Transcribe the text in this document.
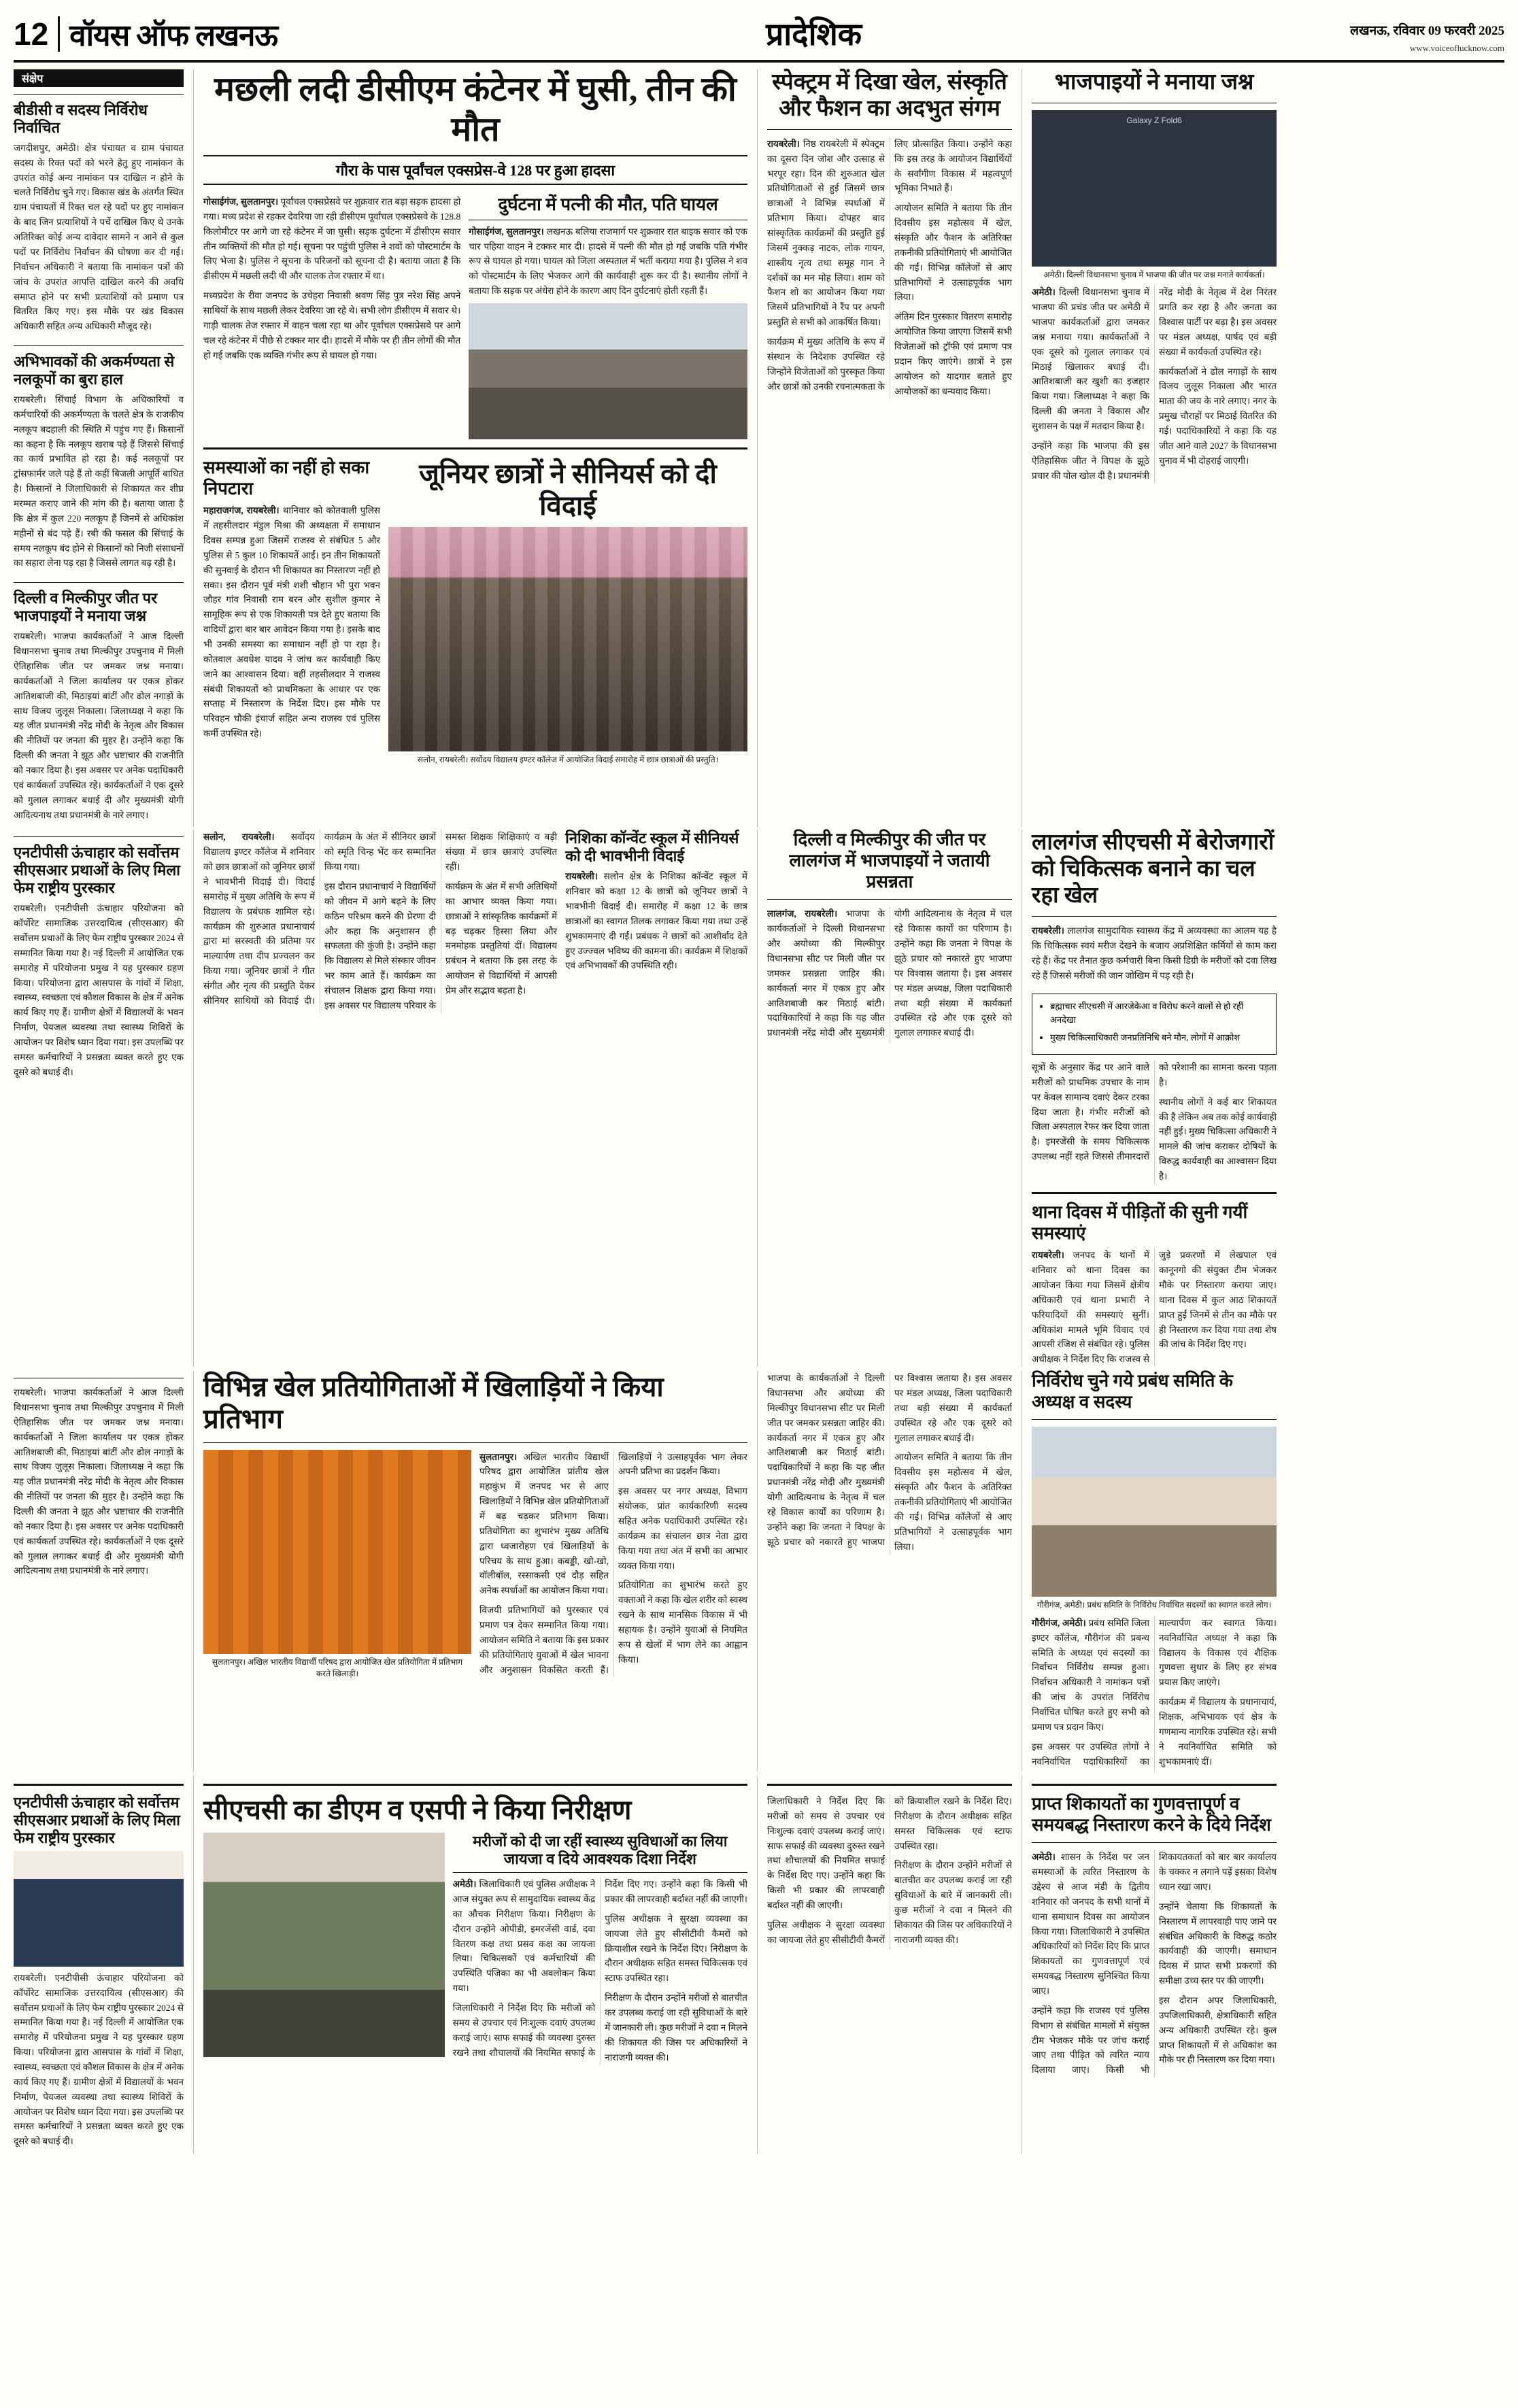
12 वॉयस ऑफ लखनऊ	प्रादेशिक	लखनऊ, रविवार 09 फरवरी 2025
www.voiceoflucknow.com
संक्षेप
बीडीसी व सदस्य निर्विरोध निर्वाचित

जगदीशपुर, अमेठी। क्षेत्र पंचायत व ग्राम पंचायत सदस्य के रिक्त पदों को भरने हेतु हुए नामांकन के उपरांत कोई अन्य नामांकन पत्र दाखिल न होने के चलते निर्विरोध चुने गए। विकास खंड के अंतर्गत स्थित ग्राम पंचायतों में रिक्त चल रहे पदों पर हुए नामांकन के बाद जिन प्रत्याशियों ने पर्चे दाखिल किए थे उनके अतिरिक्त कोई अन्य दावेदार सामने न आने से कुल पदों पर निर्विरोध निर्वाचन की घोषणा कर दी गई। निर्वाचन अधिकारी ने बताया कि नामांकन पत्रों की जांच के उपरांत आपत्ति दाखिल करने की अवधि समाप्त होने पर सभी प्रत्याशियों को प्रमाण पत्र वितरित किए गए। इस मौके पर खंड विकास अधिकारी सहित अन्य अधिकारी मौजूद रहे।

अभिभावकों की अकर्मण्यता से नलकूपों का बुरा हाल

रायबरेली। सिंचाई विभाग के अधिकारियों व कर्मचारियों की अकर्मण्यता के चलते क्षेत्र के राजकीय नलकूप बदहाली की स्थिति में पहुंच गए हैं। किसानों का कहना है कि नलकूप खराब पड़े हैं जिससे सिंचाई का कार्य प्रभावित हो रहा है। कई नलकूपों पर ट्रांसफार्मर जले पड़े हैं तो कहीं बिजली आपूर्ति बाधित है। किसानों ने जिलाधिकारी से शिकायत कर शीघ्र मरम्मत कराए जाने की मांग की है। बताया जाता है कि क्षेत्र में कुल 220 नलकूप हैं जिनमें से अधिकांश महीनों से बंद पड़े हैं। रबी की फसल की सिंचाई के समय नलकूप बंद होने से किसानों को निजी संसाधनों का सहारा लेना पड़ रहा है जिससे लागत बढ़ रही है।

दिल्ली व मिल्कीपुर जीत पर भाजपाइयों ने मनाया जश्न

रायबरेली। भाजपा कार्यकर्ताओं ने आज दिल्ली विधानसभा चुनाव तथा मिल्कीपुर उपचुनाव में मिली ऐतिहासिक जीत पर जमकर जश्न मनाया। कार्यकर्ताओं ने जिला कार्यालय पर एकत्र होकर आतिशबाजी की, मिठाइयां बांटीं और ढोल नगाड़ों के साथ विजय जुलूस निकाला। जिलाध्यक्ष ने कहा कि यह जीत प्रधानमंत्री नरेंद्र मोदी के नेतृत्व और विकास की नीतियों पर जनता की मुहर है। उन्होंने कहा कि दिल्ली की जनता ने झूठ और भ्रष्टाचार की राजनीति को नकार दिया है। इस अवसर पर अनेक पदाधिकारी एवं कार्यकर्ता उपस्थित रहे। कार्यकर्ताओं ने एक दूसरे को गुलाल लगाकर बधाई दी और मुख्यमंत्री योगी आदित्यनाथ तथा प्रधानमंत्री के नारे लगाए।

मछली लदी डीसीएम कंटेनर में घुसी, तीन की मौत
गौरा के पास पूर्वांचल एक्सप्रेस-वे 128 पर हुआ हादसा

गोसाईगंज, सुलतानपुर। पूर्वांचल एक्सप्रेसवे पर शुक्रवार रात बड़ा सड़क हादसा हो गया। मध्य प्रदेश से रहकर देवरिया जा रही डीसीएम पूर्वांचल एक्सप्रेसवे के 128.8 किलोमीटर पर आगे जा रहे कंटेनर में जा घुसी। सड़क दुर्घटना में डीसीएम सवार तीन व्यक्तियों की मौत हो गई। सूचना पर पहुंची पुलिस ने शवों को पोस्टमार्टम के लिए भेजा है। पुलिस ने सूचना के परिजनों को सूचना दी है। बताया जाता है कि डीसीएम में मछली लदी थी और चालक तेज रफ्तार में था।

मध्यप्रदेश के रीवा जनपद के उचेहरा निवासी श्रवण सिंह पुत्र नरेश सिंह अपने साथियों के साथ मछली लेकर देवरिया जा रहे थे। सभी लोग डीसीएम में सवार थे। गाड़ी चालक तेज रफ्तार में वाहन चला रहा था और पूर्वांचल एक्सप्रेसवे पर आगे चल रहे कंटेनर में पीछे से टक्कर मार दी। हादसे में मौके पर ही तीन लोगों की मौत हो गई जबकि एक व्यक्ति गंभीर रूप से घायल हो गया।

दुर्घटना में पत्नी की मौत, पति घायल

गोसाईगंज, सुलतानपुर। लखनऊ बलिया राजमार्ग पर शुक्रवार रात बाइक सवार को एक चार पहिया वाहन ने टक्कर मार दी। हादसे में पत्नी की मौत हो गई जबकि पति गंभीर रूप से घायल हो गया। घायल को जिला अस्पताल में भर्ती कराया गया है। पुलिस ने शव को पोस्टमार्टम के लिए भेजकर आगे की कार्यवाही शुरू कर दी है। स्थानीय लोगों ने बताया कि सड़क पर अंधेरा होने के कारण आए दिन दुर्घटनाएं होती रहती हैं।

समस्याओं का नहीं हो सका निपटारा

महाराजगंज, रायबरेली। थानिवार को कोतवाली पुलिस में तहसीलदार मंडुल मिश्रा की अध्यक्षता में समाधान दिवस सम्पन्न हुआ जिसमें राजस्व से संबंधित 5 और पुलिस से 5 कुल 10 शिकायतें आईं। इन तीन शिकायतों की सुनवाई के दौरान भी शिकायत का निस्तारण नहीं हो सका। इस दौरान पूर्व मंत्री शशी चौहान भी पुरा भवन जौहर गांव निवासी राम बरन और सुशील कुमार ने सामूहिक रूप से एक शिकायती पत्र देते हुए बताया कि वादियों द्वारा बार बार आवेदन किया गया है। इसके बाद भी उनकी समस्या का समाधान नहीं हो पा रहा है। कोतवाल अवधेश यादव ने जांच कर कार्यवाही किए जाने का आश्वासन दिया। वहीं तहसीलदार ने राजस्व संबंधी शिकायतों को प्राथमिकता के आधार पर एक सप्ताह में निस्तारण के निर्देश दिए। इस मौके पर परिवहन चौकी इंचार्ज सहित अन्य राजस्व एवं पुलिस कर्मी उपस्थित रहे।

जूनियर छात्रों ने सीनियर्स को दी विदाई
सलोन, रायबरेली। सर्वोदय विद्यालय इण्टर कॉलेज में आयोजित विदाई समारोह में छात्र छात्राओं की प्रस्तुति।
स्पेक्ट्रम में दिखा खेल, संस्कृति और फैशन का अदभुत संगम

रायबरेली। निष्ठ रायबरेली में स्पेक्ट्रम का दूसरा दिन जोश और उत्साह से भरपूर रहा। दिन की शुरुआत खेल प्रतियोगिताओं से हुई जिसमें छात्र छात्राओं ने विभिन्न स्पर्धाओं में प्रतिभाग किया। दोपहर बाद सांस्कृतिक कार्यक्रमों की प्रस्तुति हुई जिसमें नुक्कड़ नाटक, लोक गायन, शास्त्रीय नृत्य तथा समूह गान ने दर्शकों का मन मोह लिया। शाम को फैशन शो का आयोजन किया गया जिसमें प्रतिभागियों ने रैंप पर अपनी प्रस्तुति से सभी को आकर्षित किया।

कार्यक्रम में मुख्य अतिथि के रूप में संस्थान के निदेशक उपस्थित रहे जिन्होंने विजेताओं को पुरस्कृत किया और छात्रों को उनकी रचनात्मकता के लिए प्रोत्साहित किया। उन्होंने कहा कि इस तरह के आयोजन विद्यार्थियों के सर्वांगीण विकास में महत्वपूर्ण भूमिका निभाते हैं।

आयोजन समिति ने बताया कि तीन दिवसीय इस महोत्सव में खेल, संस्कृति और फैशन के अतिरिक्त तकनीकी प्रतियोगिताएं भी आयोजित की गईं। विभिन्न कॉलेजों से आए प्रतिभागियों ने उत्साहपूर्वक भाग लिया।

अंतिम दिन पुरस्कार वितरण समारोह आयोजित किया जाएगा जिसमें सभी विजेताओं को ट्रॉफी एवं प्रमाण पत्र प्रदान किए जाएंगे। छात्रों ने इस आयोजन को यादगार बताते हुए आयोजकों का धन्यवाद किया।

भाजपाइयों ने मनाया जश्न
Galaxy Z Fold6
अमेठी। दिल्ली विधानसभा चुनाव में भाजपा की जीत पर जश्न मनाते कार्यकर्ता।

अमेठी। दिल्ली विधानसभा चुनाव में भाजपा की प्रचंड जीत पर अमेठी में भाजपा कार्यकर्ताओं द्वारा जमकर जश्न मनाया गया। कार्यकर्ताओं ने एक दूसरे को गुलाल लगाकर एवं मिठाई खिलाकर बधाई दी। आतिशबाजी कर खुशी का इजहार किया गया। जिलाध्यक्ष ने कहा कि दिल्ली की जनता ने विकास और सुशासन के पक्ष में मतदान किया है।

उन्होंने कहा कि भाजपा की इस ऐतिहासिक जीत ने विपक्ष के झूठे प्रचार की पोल खोल दी है। प्रधानमंत्री नरेंद्र मोदी के नेतृत्व में देश निरंतर प्रगति कर रहा है और जनता का विश्वास पार्टी पर बढ़ा है। इस अवसर पर मंडल अध्यक्ष, पार्षद एवं बड़ी संख्या में कार्यकर्ता उपस्थित रहे।

कार्यकर्ताओं ने ढोल नगाड़ों के साथ विजय जुलूस निकाला और भारत माता की जय के नारे लगाए। नगर के प्रमुख चौराहों पर मिठाई वितरित की गई। पदाधिकारियों ने कहा कि यह जीत आने वाले 2027 के विधानसभा चुनाव में भी दोहराई जाएगी।

एनटीपीसी ऊंचाहार को सर्वोत्तम सीएसआर प्रथाओं के लिए मिला फेम राष्ट्रीय पुरस्कार

रायबरेली। एनटीपीसी ऊंचाहार परियोजना को कॉर्पोरेट सामाजिक उत्तरदायित्व (सीएसआर) की सर्वोत्तम प्रथाओं के लिए फेम राष्ट्रीय पुरस्कार 2024 से सम्मानित किया गया है। नई दिल्ली में आयोजित एक समारोह में परियोजना प्रमुख ने यह पुरस्कार ग्रहण किया। परियोजना द्वारा आसपास के गांवों में शिक्षा, स्वास्थ्य, स्वच्छता एवं कौशल विकास के क्षेत्र में अनेक कार्य किए गए हैं। ग्रामीण क्षेत्रों में विद्यालयों के भवन निर्माण, पेयजल व्यवस्था तथा स्वास्थ्य शिविरों के आयोजन पर विशेष ध्यान दिया गया। इस उपलब्धि पर समस्त कर्मचारियों ने प्रसन्नता व्यक्त करते हुए एक दूसरे को बधाई दी।

सलोन, रायबरेली। सर्वोदय विद्यालय इण्टर कॉलेज में शनिवार को छात्र छात्राओं को जूनियर छात्रों ने भावभीनी विदाई दी। विदाई समारोह में मुख्य अतिथि के रूप में विद्यालय के प्रबंधक शामिल रहे। कार्यक्रम की शुरुआत प्रधानाचार्य द्वारा मां सरस्वती की प्रतिमा पर माल्यार्पण तथा दीप प्रज्वलन कर किया गया। जूनियर छात्रों ने गीत संगीत और नृत्य की प्रस्तुति देकर सीनियर साथियों को विदाई दी। कार्यक्रम के अंत में सीनियर छात्रों को स्मृति चिन्ह भेंट कर सम्मानित किया गया।

इस दौरान प्रधानाचार्य ने विद्यार्थियों को जीवन में आगे बढ़ने के लिए कठिन परिश्रम करने की प्रेरणा दी और कहा कि अनुशासन ही सफलता की कुंजी है। उन्होंने कहा कि विद्यालय से मिले संस्कार जीवन भर काम आते हैं। कार्यक्रम का संचालन शिक्षक द्वारा किया गया। इस अवसर पर विद्यालय परिवार के समस्त शिक्षक शिक्षिकाएं व बड़ी संख्या में छात्र छात्राएं उपस्थित रहीं।

कार्यक्रम के अंत में सभी अतिथियों का आभार व्यक्त किया गया। छात्राओं ने सांस्कृतिक कार्यक्रमों में बढ़ चढ़कर हिस्सा लिया और मनमोहक प्रस्तुतियां दीं। विद्यालय प्रबंधन ने बताया कि इस तरह के आयोजन से विद्यार्थियों में आपसी प्रेम और सद्भाव बढ़ता है।

निशिका कॉन्वेंट स्कूल में सीनियर्स को दी भावभीनी विदाई

रायबरेली। सलोन क्षेत्र के निशिका कॉन्वेंट स्कूल में शनिवार को कक्षा 12 के छात्रों को जूनियर छात्रों ने भावभीनी विदाई दी। समारोह में कक्षा 12 के छात्र छात्राओं का स्वागत तिलक लगाकर किया गया तथा उन्हें शुभकामनाएं दी गईं। प्रबंधक ने छात्रों को आशीर्वाद देते हुए उज्ज्वल भविष्य की कामना की। कार्यक्रम में शिक्षकों एवं अभिभावकों की उपस्थिति रही।

दिल्ली व मिल्कीपुर की जीत पर लालगंज में भाजपाइयों ने जतायी प्रसन्नता

लालगंज, रायबरेली। भाजपा के कार्यकर्ताओं ने दिल्ली विधानसभा और अयोध्या की मिल्कीपुर विधानसभा सीट पर मिली जीत पर जमकर प्रसन्नता जाहिर की। कार्यकर्ता नगर में एकत्र हुए और आतिशबाजी कर मिठाई बांटी। पदाधिकारियों ने कहा कि यह जीत प्रधानमंत्री नरेंद्र मोदी और मुख्यमंत्री योगी आदित्यनाथ के नेतृत्व में चल रहे विकास कार्यों का परिणाम है। उन्होंने कहा कि जनता ने विपक्ष के झूठे प्रचार को नकारते हुए भाजपा पर विश्वास जताया है। इस अवसर पर मंडल अध्यक्ष, जिला पदाधिकारी तथा बड़ी संख्या में कार्यकर्ता उपस्थित रहे और एक दूसरे को गुलाल लगाकर बधाई दी।

लालगंज सीएचसी में बेरोजगारों को चिकित्सक बनाने का चल रहा खेल

रायबरेली। लालगंज सामुदायिक स्वास्थ्य केंद्र में अव्यवस्था का आलम यह है कि चिकित्सक स्वयं मरीज देखने के बजाय अप्रशिक्षित कर्मियों से काम करा रहे हैं। केंद्र पर तैनात कुछ कर्मचारी बिना किसी डिग्री के मरीजों को दवा लिख रहे हैं जिससे मरीजों की जान जोखिम में पड़ रही है।

• ब्रह्माचार सीएचसी में आरजेकेआ व विरोध करने वालों से हो रहीं अनदेखा
• मुख्य चिकित्साधिकारी जनप्रतिनिधि बने मौन, लोगों में आक्रोश

सूत्रों के अनुसार केंद्र पर आने वाले मरीजों को प्राथमिक उपचार के नाम पर केवल सामान्य दवाएं देकर टरका दिया जाता है। गंभीर मरीजों को जिला अस्पताल रेफर कर दिया जाता है। इमरजेंसी के समय चिकित्सक उपलब्ध नहीं रहते जिससे तीमारदारों को परेशानी का सामना करना पड़ता है।

स्थानीय लोगों ने कई बार शिकायत की है लेकिन अब तक कोई कार्यवाही नहीं हुई। मुख्य चिकित्सा अधिकारी ने मामले की जांच कराकर दोषियों के विरुद्ध कार्यवाही का आश्वासन दिया है।

थाना दिवस में पीड़ितों की सुनी गयीं समस्याएं

रायबरेली। जनपद के थानों में शनिवार को थाना दिवस का आयोजन किया गया जिसमें क्षेत्रीय अधिकारी एवं थाना प्रभारी ने फरियादियों की समस्याएं सुनीं। अधिकांश मामले भूमि विवाद एवं आपसी रंजिश से संबंधित रहे। पुलिस अधीक्षक ने निर्देश दिए कि राजस्व से जुड़े प्रकरणों में लेखपाल एवं कानूनगो की संयुक्त टीम भेजकर मौके पर निस्तारण कराया जाए। थाना दिवस में कुल आठ शिकायतें प्राप्त हुईं जिनमें से तीन का मौके पर ही निस्तारण कर दिया गया तथा शेष की जांच के निर्देश दिए गए।

रायबरेली। भाजपा कार्यकर्ताओं ने आज दिल्ली विधानसभा चुनाव तथा मिल्कीपुर उपचुनाव में मिली ऐतिहासिक जीत पर जमकर जश्न मनाया। कार्यकर्ताओं ने जिला कार्यालय पर एकत्र होकर आतिशबाजी की, मिठाइयां बांटीं और ढोल नगाड़ों के साथ विजय जुलूस निकाला। जिलाध्यक्ष ने कहा कि यह जीत प्रधानमंत्री नरेंद्र मोदी के नेतृत्व और विकास की नीतियों पर जनता की मुहर है। उन्होंने कहा कि दिल्ली की जनता ने झूठ और भ्रष्टाचार की राजनीति को नकार दिया है। इस अवसर पर अनेक पदाधिकारी एवं कार्यकर्ता उपस्थित रहे। कार्यकर्ताओं ने एक दूसरे को गुलाल लगाकर बधाई दी और मुख्यमंत्री योगी आदित्यनाथ तथा प्रधानमंत्री के नारे लगाए।

विभिन्न खेल प्रतियोगिताओं में खिलाड़ियों ने किया प्रतिभाग
सुलतानपुर। अखिल भारतीय विद्यार्थी परिषद द्वारा आयोजित खेल प्रतियोगिता में प्रतिभाग करते खिलाड़ी।

सुलतानपुर। अखिल भारतीय विद्यार्थी परिषद द्वारा आयोजित प्रांतीय खेल महाकुंभ में जनपद भर से आए खिलाड़ियों ने विभिन्न खेल प्रतियोगिताओं में बढ़ चढ़कर प्रतिभाग किया। प्रतियोगिता का शुभारंभ मुख्य अतिथि द्वारा ध्वजारोहण एवं खिलाड़ियों के परिचय के साथ हुआ। कबड्डी, खो-खो, वॉलीबॉल, रस्साकसी एवं दौड़ सहित अनेक स्पर्धाओं का आयोजन किया गया।

विजयी प्रतिभागियों को पुरस्कार एवं प्रमाण पत्र देकर सम्मानित किया गया। आयोजन समिति ने बताया कि इस प्रकार की प्रतियोगिताएं युवाओं में खेल भावना और अनुशासन विकसित करती हैं। खिलाड़ियों ने उत्साहपूर्वक भाग लेकर अपनी प्रतिभा का प्रदर्शन किया।

इस अवसर पर नगर अध्यक्ष, विभाग संयोजक, प्रांत कार्यकारिणी सदस्य सहित अनेक पदाधिकारी उपस्थित रहे। कार्यक्रम का संचालन छात्र नेता द्वारा किया गया तथा अंत में सभी का आभार व्यक्त किया गया।

प्रतियोगिता का शुभारंभ करते हुए वक्ताओं ने कहा कि खेल शरीर को स्वस्थ रखने के साथ मानसिक विकास में भी सहायक है। उन्होंने युवाओं से नियमित रूप से खेलों में भाग लेने का आह्वान किया।

भाजपा के कार्यकर्ताओं ने दिल्ली विधानसभा और अयोध्या की मिल्कीपुर विधानसभा सीट पर मिली जीत पर जमकर प्रसन्नता जाहिर की। कार्यकर्ता नगर में एकत्र हुए और आतिशबाजी कर मिठाई बांटी। पदाधिकारियों ने कहा कि यह जीत प्रधानमंत्री नरेंद्र मोदी और मुख्यमंत्री योगी आदित्यनाथ के नेतृत्व में चल रहे विकास कार्यों का परिणाम है। उन्होंने कहा कि जनता ने विपक्ष के झूठे प्रचार को नकारते हुए भाजपा पर विश्वास जताया है। इस अवसर पर मंडल अध्यक्ष, जिला पदाधिकारी तथा बड़ी संख्या में कार्यकर्ता उपस्थित रहे और एक दूसरे को गुलाल लगाकर बधाई दी।

आयोजन समिति ने बताया कि तीन दिवसीय इस महोत्सव में खेल, संस्कृति और फैशन के अतिरिक्त तकनीकी प्रतियोगिताएं भी आयोजित की गईं। विभिन्न कॉलेजों से आए प्रतिभागियों ने उत्साहपूर्वक भाग लिया।

निर्विरोध चुने गये प्रबंध समिति के अध्यक्ष व सदस्य
गौरीगंज, अमेठी। प्रबंध समिति के निर्विरोध निर्वाचित सदस्यों का स्वागत करते लोग।

गौरीगंज, अमेठी। प्रबंध समिति जिला इण्टर कॉलेज, गौरीगंज की प्रबन्ध समिति के अध्यक्ष एवं सदस्यों का निर्वाचन निर्विरोध सम्पन्न हुआ। निर्वाचन अधिकारी ने नामांकन पत्रों की जांच के उपरांत निर्विरोध निर्वाचित घोषित करते हुए सभी को प्रमाण पत्र प्रदान किए।

इस अवसर पर उपस्थित लोगों ने नवनिर्वाचित पदाधिकारियों का माल्यार्पण कर स्वागत किया। नवनिर्वाचित अध्यक्ष ने कहा कि विद्यालय के विकास एवं शैक्षिक गुणवत्ता सुधार के लिए हर संभव प्रयास किए जाएंगे।

कार्यक्रम में विद्यालय के प्रधानाचार्य, शिक्षक, अभिभावक एवं क्षेत्र के गणमान्य नागरिक उपस्थित रहे। सभी ने नवनिर्वाचित समिति को शुभकामनाएं दीं।

एनटीपीसी ऊंचाहार को सर्वोत्तम सीएसआर प्रथाओं के लिए मिला फेम राष्ट्रीय पुरस्कार

रायबरेली। एनटीपीसी ऊंचाहार परियोजना को कॉर्पोरेट सामाजिक उत्तरदायित्व (सीएसआर) की सर्वोत्तम प्रथाओं के लिए फेम राष्ट्रीय पुरस्कार 2024 से सम्मानित किया गया है। नई दिल्ली में आयोजित एक समारोह में परियोजना प्रमुख ने यह पुरस्कार ग्रहण किया। परियोजना द्वारा आसपास के गांवों में शिक्षा, स्वास्थ्य, स्वच्छता एवं कौशल विकास के क्षेत्र में अनेक कार्य किए गए हैं। ग्रामीण क्षेत्रों में विद्यालयों के भवन निर्माण, पेयजल व्यवस्था तथा स्वास्थ्य शिविरों के आयोजन पर विशेष ध्यान दिया गया। इस उपलब्धि पर समस्त कर्मचारियों ने प्रसन्नता व्यक्त करते हुए एक दूसरे को बधाई दी।

सीएचसी का डीएम व एसपी ने किया निरीक्षण
मरीजों को दी जा रहीं स्वास्थ्य सुविधाओं का लिया जायजा व दिये आवश्यक दिशा निर्देश

अमेठी। जिलाधिकारी एवं पुलिस अधीक्षक ने आज संयुक्त रूप से सामुदायिक स्वास्थ्य केंद्र का औचक निरीक्षण किया। निरीक्षण के दौरान उन्होंने ओपीडी, इमरजेंसी वार्ड, दवा वितरण कक्ष तथा प्रसव कक्ष का जायजा लिया। चिकित्सकों एवं कर्मचारियों की उपस्थिति पंजिका का भी अवलोकन किया गया।

जिलाधिकारी ने निर्देश दिए कि मरीजों को समय से उपचार एवं निःशुल्क दवाएं उपलब्ध कराई जाएं। साफ सफाई की व्यवस्था दुरुस्त रखने तथा शौचालयों की नियमित सफाई के निर्देश दिए गए। उन्होंने कहा कि किसी भी प्रकार की लापरवाही बर्दाश्त नहीं की जाएगी।

पुलिस अधीक्षक ने सुरक्षा व्यवस्था का जायजा लेते हुए सीसीटीवी कैमरों को क्रियाशील रखने के निर्देश दिए। निरीक्षण के दौरान अधीक्षक सहित समस्त चिकित्सक एवं स्टाफ उपस्थित रहा।

निरीक्षण के दौरान उन्होंने मरीजों से बातचीत कर उपलब्ध कराई जा रही सुविधाओं के बारे में जानकारी ली। कुछ मरीजों ने दवा न मिलने की शिकायत की जिस पर अधिकारियों ने नाराजगी व्यक्त की।

जिलाधिकारी ने निर्देश दिए कि मरीजों को समय से उपचार एवं निःशुल्क दवाएं उपलब्ध कराई जाएं। साफ सफाई की व्यवस्था दुरुस्त रखने तथा शौचालयों की नियमित सफाई के निर्देश दिए गए। उन्होंने कहा कि किसी भी प्रकार की लापरवाही बर्दाश्त नहीं की जाएगी।

पुलिस अधीक्षक ने सुरक्षा व्यवस्था का जायजा लेते हुए सीसीटीवी कैमरों को क्रियाशील रखने के निर्देश दिए। निरीक्षण के दौरान अधीक्षक सहित समस्त चिकित्सक एवं स्टाफ उपस्थित रहा।

निरीक्षण के दौरान उन्होंने मरीजों से बातचीत कर उपलब्ध कराई जा रही सुविधाओं के बारे में जानकारी ली। कुछ मरीजों ने दवा न मिलने की शिकायत की जिस पर अधिकारियों ने नाराजगी व्यक्त की।

प्राप्त शिकायतों का गुणवत्तापूर्ण व समयबद्ध निस्तारण करने के दिये निर्देश

अमेठी। शासन के निर्देश पर जन समस्याओं के त्वरित निस्तारण के उद्देश्य से आज मंडी के द्वितीय शनिवार को जनपद के सभी थानों में थाना समाधान दिवस का आयोजन किया गया। जिलाधिकारी ने उपस्थित अधिकारियों को निर्देश दिए कि प्राप्त शिकायतों का गुणवत्तापूर्ण एवं समयबद्ध निस्तारण सुनिश्चित किया जाए।

उन्होंने कहा कि राजस्व एवं पुलिस विभाग से संबंधित मामलों में संयुक्त टीम भेजकर मौके पर जांच कराई जाए तथा पीड़ित को त्वरित न्याय दिलाया जाए। किसी भी शिकायतकर्ता को बार बार कार्यालय के चक्कर न लगाने पड़ें इसका विशेष ध्यान रखा जाए।

उन्होंने चेताया कि शिकायतों के निस्तारण में लापरवाही पाए जाने पर संबंधित अधिकारी के विरुद्ध कठोर कार्यवाही की जाएगी। समाधान दिवस में प्राप्त सभी प्रकरणों की समीक्षा उच्च स्तर पर की जाएगी।

इस दौरान अपर जिलाधिकारी, उपजिलाधिकारी, क्षेत्राधिकारी सहित अन्य अधिकारी उपस्थित रहे। कुल प्राप्त शिकायतों में से अधिकांश का मौके पर ही निस्तारण कर दिया गया।
